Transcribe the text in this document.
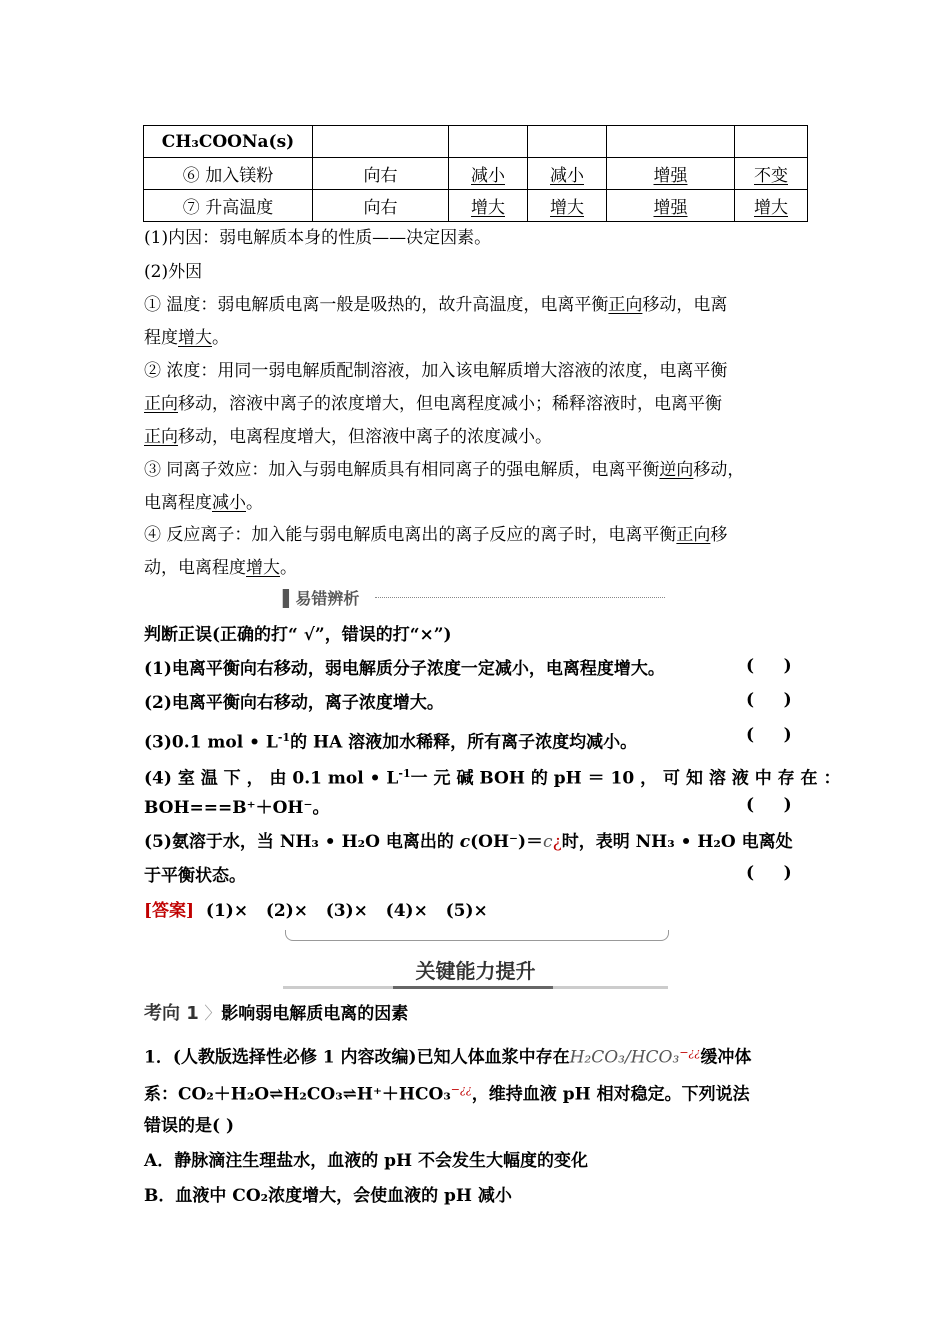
CH₃COONa(s)					
⑥ 加入镁粉	向右	减小	减小	增强	不变
⑦ 升高温度	向右	增大	增大	增强	增大
(1)内因：弱电解质本身的性质——决定因素。
(2)外因
① 温度：弱电解质电离一般是吸热的，故升高温度，电离平衡正向移动，电离
程度增大。
② 浓度：用同一弱电解质配制溶液，加入该电解质增大溶液的浓度，电离平衡
正向移动，溶液中离子的浓度增大，但电离程度减小；稀释溶液时，电离平衡
正向移动，电离程度增大，但溶液中离子的浓度减小。
③ 同离子效应：加入与弱电解质具有相同离子的强电解质，电离平衡逆向移动，
电离程度减小。
④ 反应离子：加入能与弱电解质电离出的离子反应的离子时，电离平衡正向移
动，电离程度增大。
▌易错辨析
判断正误(正确的打“ √”，错误的打“×”)
(1)电离平衡向右移动，弱电解质分子浓度一定减小，电离程度增大。	(     )
(2)电离平衡向右移动，离子浓度增大。	(     )
(3)0.1 mol • $L^{-1}$的 HA 溶液加水稀释，所有离子浓度均减小。	(     )
(4) 室 温 下 ， 由 0.1 mol • $L^{-1}$一 元 碱 BOH 的 pH ＝ 10 ， 可 知 溶 液 中 存 在 ：
BOH===B⁺＋OH⁻。	(     )
(5)氨溶于水，当 NH₃ • H₂O 电离出的 c(OH⁻)＝c¿时，表明 NH₃ • H₂O 电离处
于平衡状态。	(     )
[答案]  (1)×   (2)×   (3)×   (4)×   (5)×
关键能力提升
考向 1 〉影响弱电解质电离的因素
1．(人教版选择性必修 1 内容改编)已知人体血浆中存在H₂CO₃/HCO₃−¿¿缓冲体
系：CO₂＋H₂O⇌H₂CO₃⇌H⁺＋HCO₃−¿¿，维持血液 pH 相对稳定。下列说法
错误的是( )
A．静脉滴注生理盐水，血液的 pH 不会发生大幅度的变化
B．血液中 CO₂浓度增大，会使血液的 pH 减小
